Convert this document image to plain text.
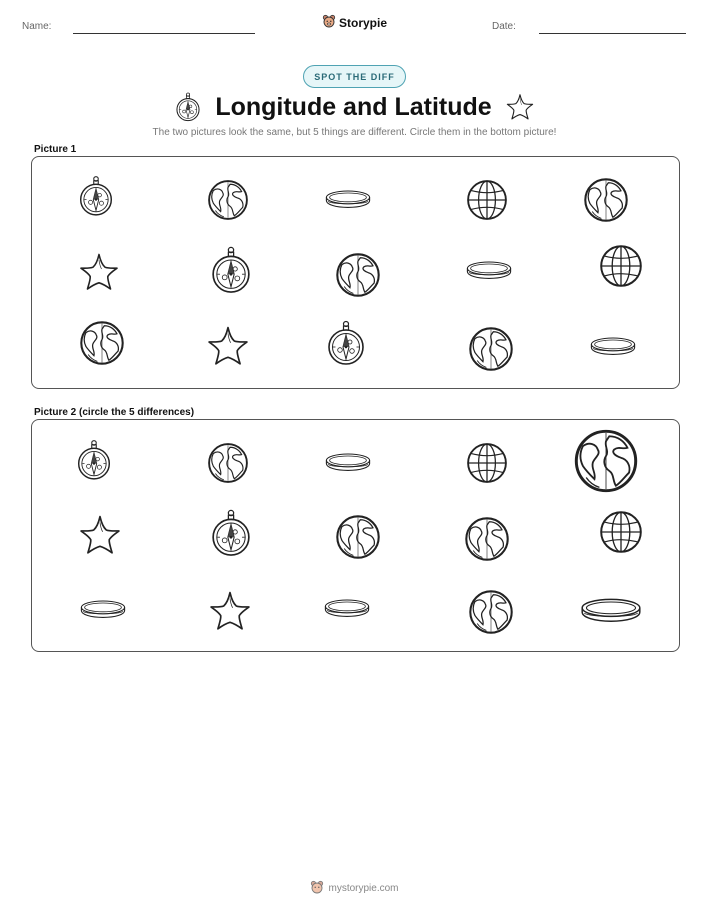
Name:	Storypie	Date:
SPOT THE DIFF
Longitude and Latitude
The two pictures look the same, but 5 things are different. Circle them in the bottom picture!
Picture 1
Picture 2 (circle the 5 differences)
mystorypie.com
